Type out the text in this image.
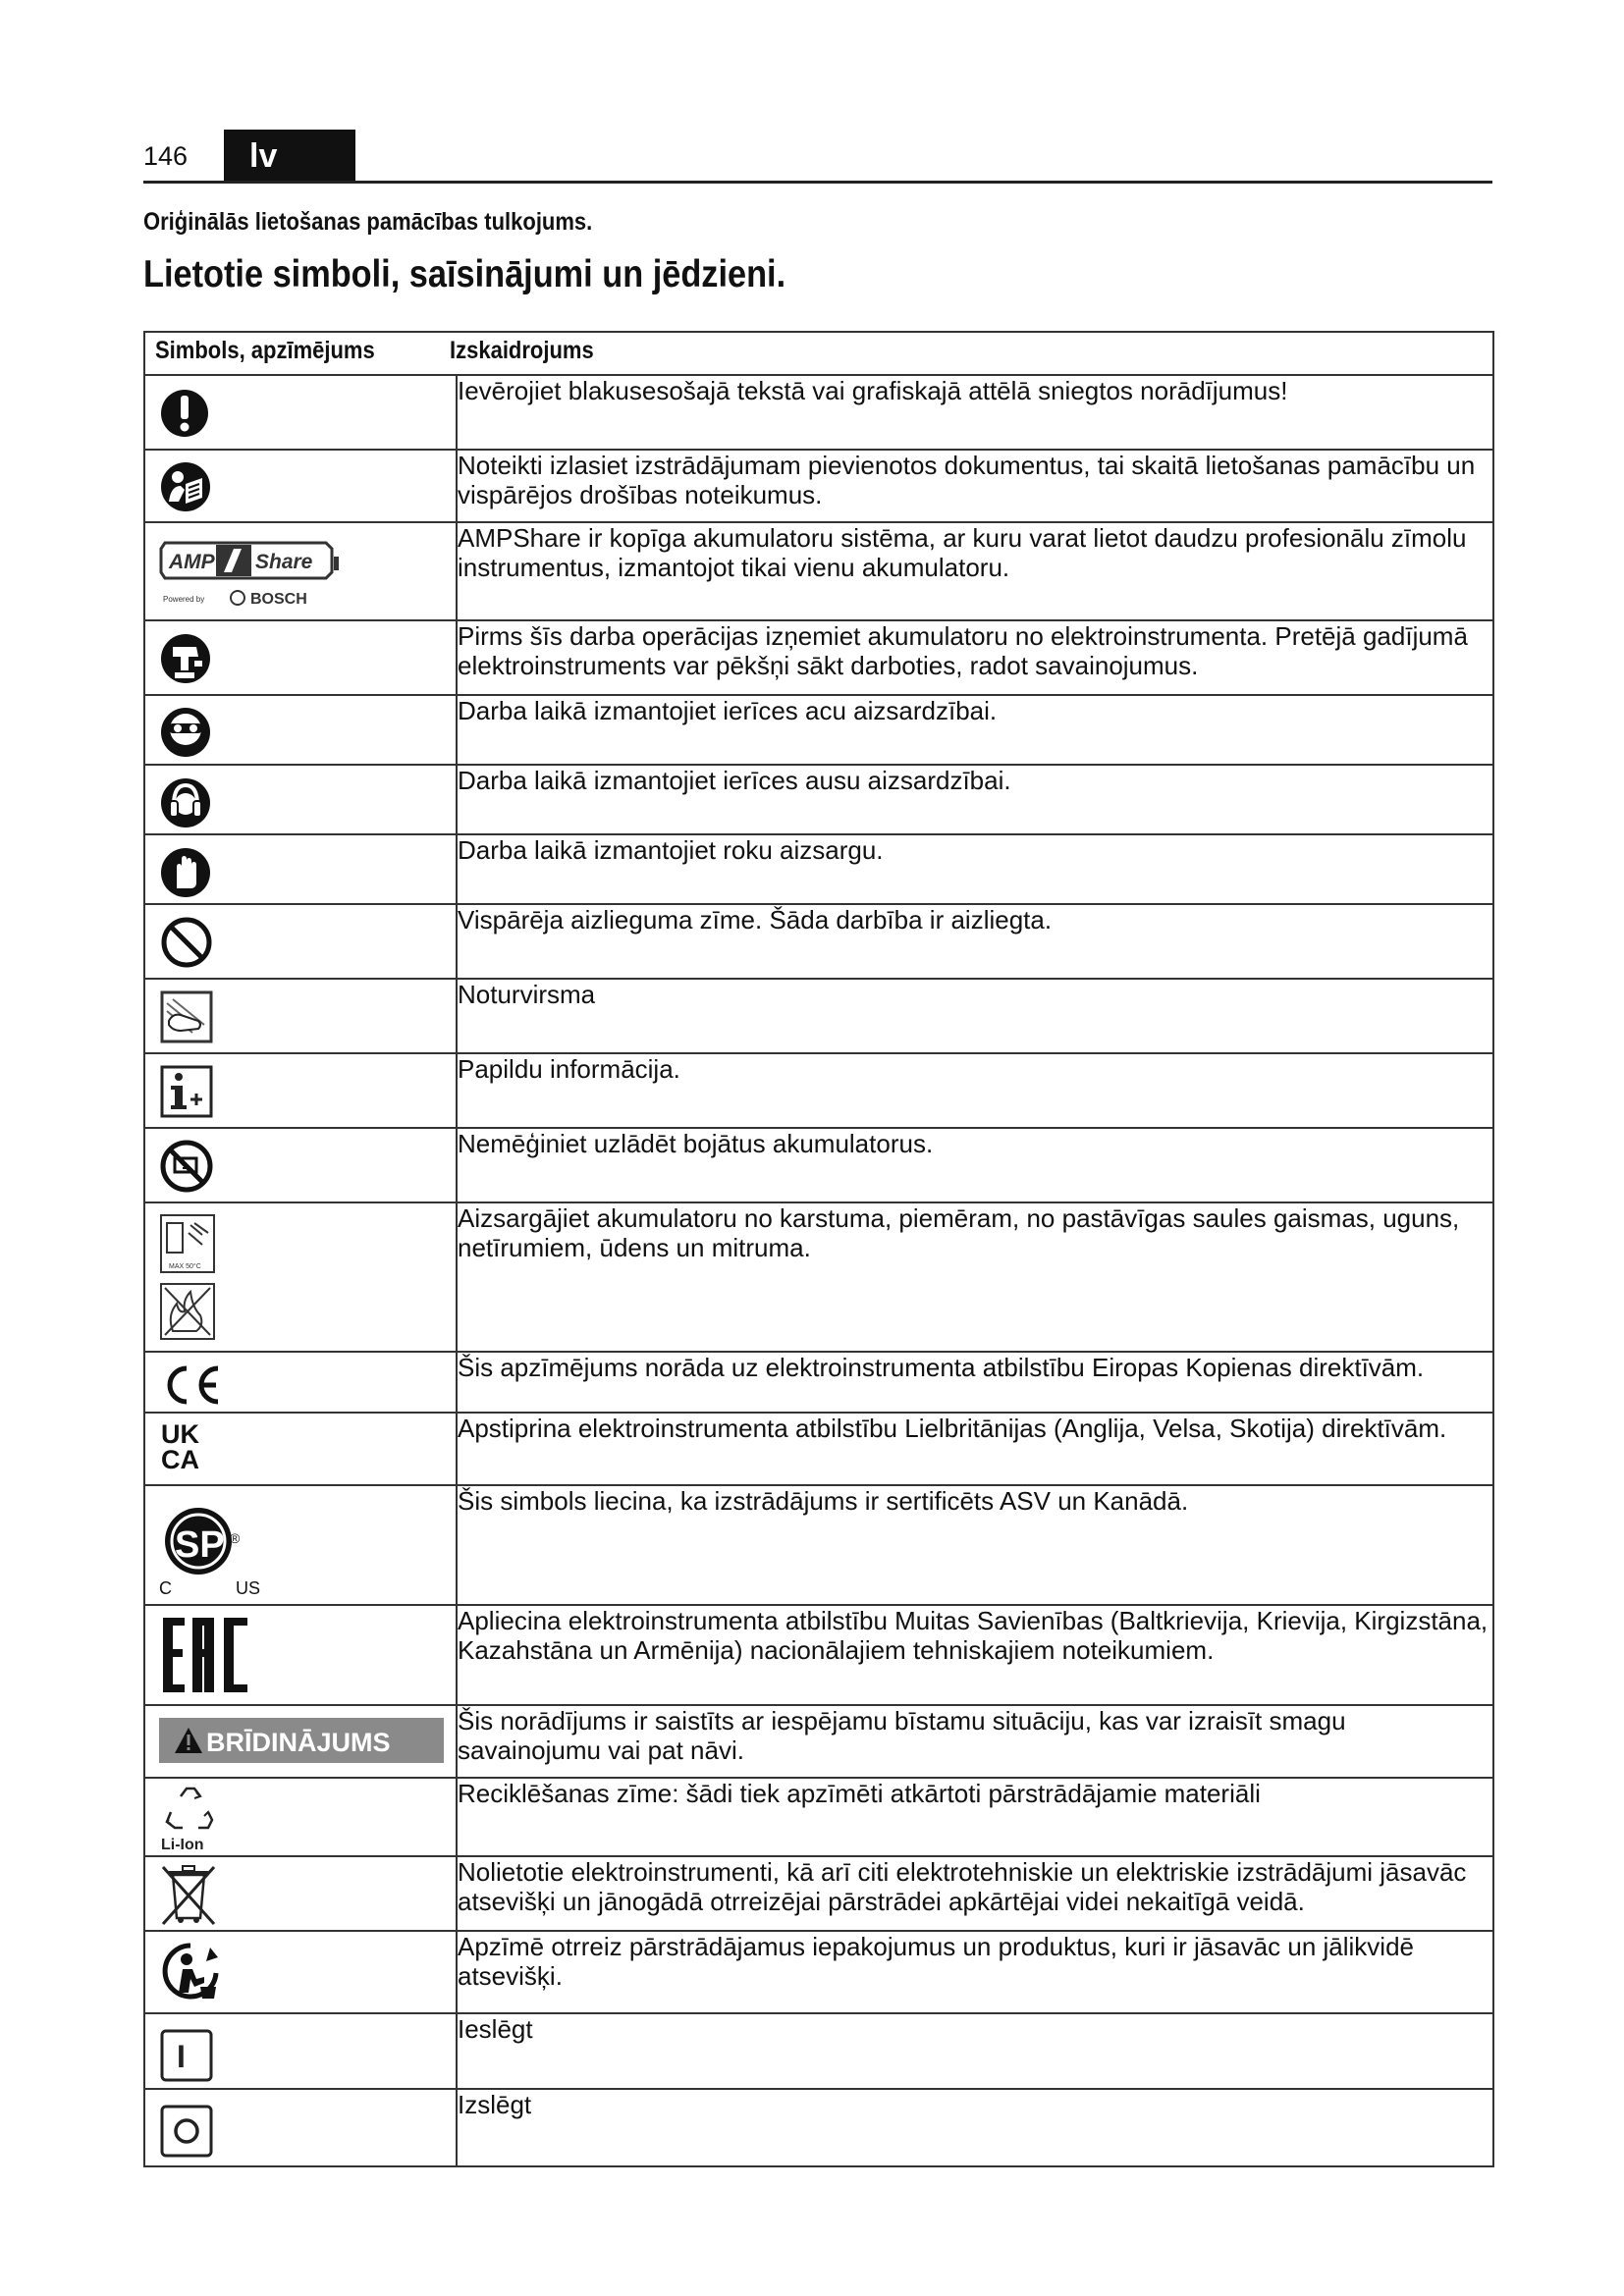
146	lv
Oriģinālās lietošanas pamācības tulkojums.
Lietotie simboli, saīsinājumi un jēdzieni.
Simbols, apzīmējums Izskaidrojums	

	Ievērojiet blakusesošajā tekstā vai grafiskajā attēlā sniegtos norādījumus!

	Noteikti izlasiet izstrādājumam pievienotos dokumentus, tai skaitā lietošanas pamācību un vispārējos drošības noteikumus.

AMP Share
Powered by BOSCH	AMPShare ir kopīga akumulatoru sistēma, ar kuru varat lietot daudzu profesionālu zīmolu instrumentus, izmantojot tikai vienu akumulatoru.

	Pirms šīs darba operācijas izņemiet akumulatoru no elektroinstrumenta. Pretējā gadījumā elektroinstruments var pēkšņi sākt darboties, radot savainojumus.

	Darba laikā izmantojiet ierīces acu aizsardzībai.

	Darba laikā izmantojiet ierīces ausu aizsardzībai.

	Darba laikā izmantojiet roku aizsargu.

	Vispārēja aizlieguma zīme. Šāda darbība ir aizliegta.

	Noturvirsma

	Papildu informācija.

	Nemēģiniet uzlādēt bojātus akumulatorus.

MAX 50°C	Aizsargājiet akumulatoru no karstuma, piemēram, no pastāvīgas saules gaismas, uguns, netīrumiem, ūdens un mitruma.

	Šis apzīmējums norāda uz elektroinstrumenta atbilstību Eiropas Kopienas direktīvām.

UK
CA	Apstiprina elektroinstrumenta atbilstību Lielbritānijas (Anglija, Velsa, Skotija) direktīvām.

SP ®
C US	Šis simbols liecina, ka izstrādājums ir sertificēts ASV un Kanādā.

	Apliecina elektroinstrumenta atbilstību Muitas Savienības (Baltkrievija, Krievija, Kirgizstāna, Kazahstāna un Armēnija) nacionālajiem tehniskajiem noteikumiem.

BRĪDINĀJUMS	Šis norādījums ir saistīts ar iespējamu bīstamu situāciju, kas var izraisīt smagu savainojumu vai pat nāvi.

Li-Ion	Reciklēšanas zīme: šādi tiek apzīmēti atkārtoti pārstrādājamie materiāli

	Nolietotie elektroinstrumenti, kā arī citi elektrotehniskie un elektriskie izstrādājumi jāsavāc atsevišķi un jānogādā otrreizējai pārstrādei apkārtējai videi nekaitīgā veidā.

	Apzīmē otrreiz pārstrādājamus iepakojumus un produktus, kuri ir jāsavāc un jālikvidē atsevišķi.

I	Ieslēgt

	Izslēgt
